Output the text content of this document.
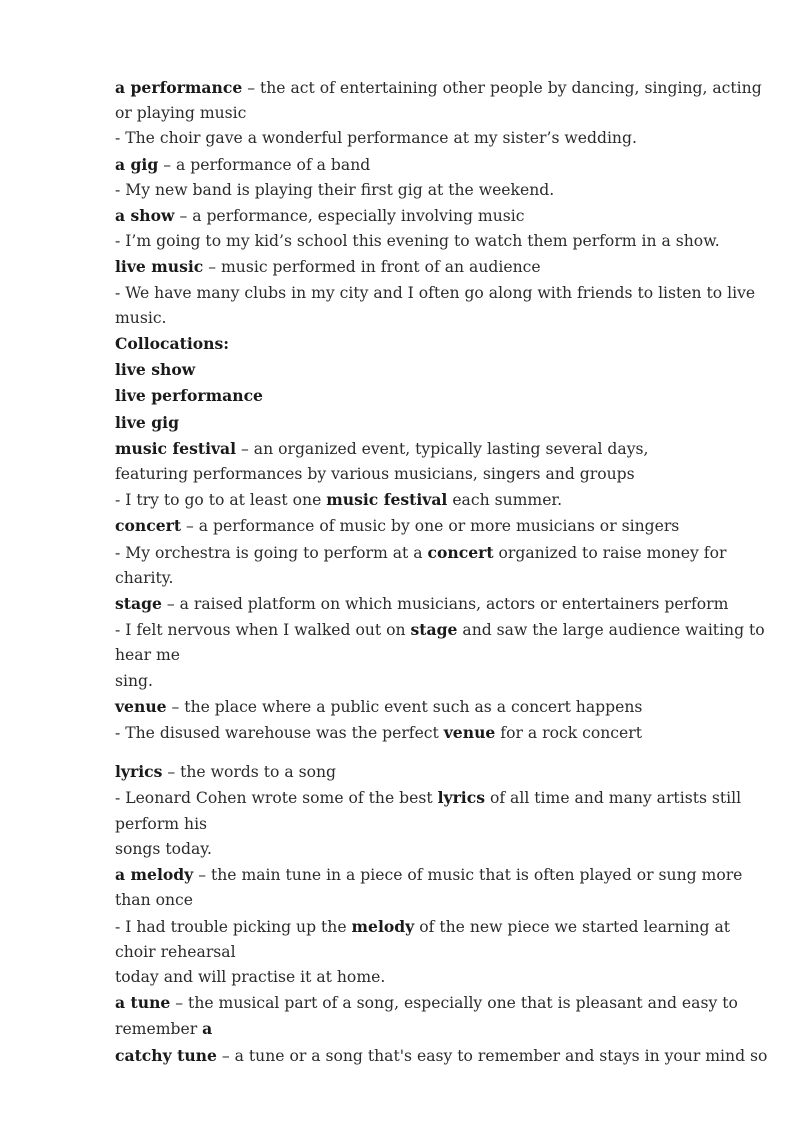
a performance – the act of entertaining other people by dancing, singing, acting

or playing music

- The choir gave a wonderful performance at my sister’s wedding.

a gig – a performance of a band

- My new band is playing their first gig at the weekend.

a show – a performance, especially involving music

- I’m going to my kid’s school this evening to watch them perform in a show.

live music – music performed in front of an audience

- We have many clubs in my city and I often go along with friends to listen to live

music.

Collocations:

live show

live performance

live gig

music festival – an organized event, typically lasting several days,

featuring performances by various musicians, singers and groups

- I try to go to at least one music festival each summer.

concert – a performance of music by one or more musicians or singers

- My orchestra is going to perform at a concert organized to raise money for

charity.

stage – a raised platform on which musicians, actors or entertainers perform

- I felt nervous when I walked out on stage and saw the large audience waiting to

hear me

sing.

venue – the place where a public event such as a concert happens

- The disused warehouse was the perfect venue for a rock concert

lyrics – the words to a song

- Leonard Cohen wrote some of the best lyrics of all time and many artists still

perform his

songs today.

a melody – the main tune in a piece of music that is often played or sung more

than once

- I had trouble picking up the melody of the new piece we started learning at

choir rehearsal

today and will practise it at home.

a tune – the musical part of a song, especially one that is pleasant and easy to

remember a

catchy tune – a tune or a song that's easy to remember and stays in your mind so
